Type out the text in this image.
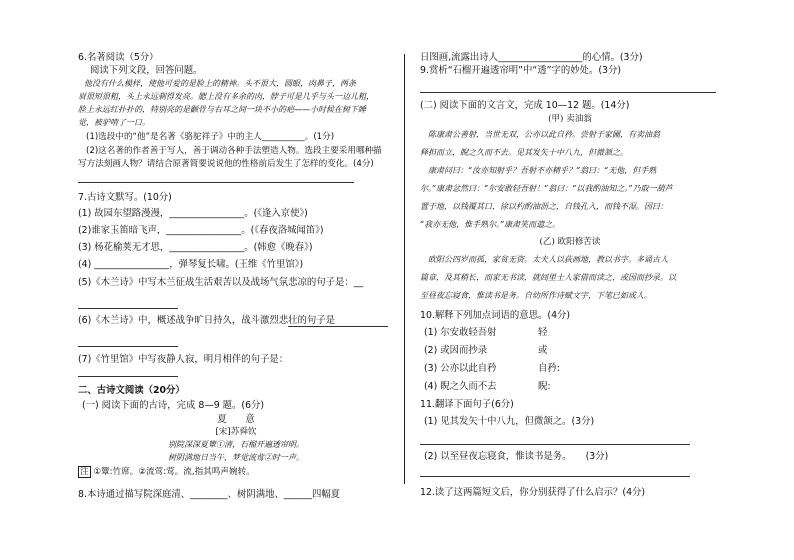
6.名著阅读（5分）
阅读下列文段，回答问题。
他没有什么模样，使他可爱的是脸上的精神。头不很大，圆眼，肉鼻子，两条
眉很短很粗，头上永远剃得发亮。腮上没有多余的肉，脖子可是几乎与头一边儿粗，
脸上永远红扑扑的，特别亮的是颧骨与右耳之间一块不小的疤——小时候在树下睡
觉，被驴啃了一口。
(1)选段中的“他”是名著《骆驼祥子》中的主人__________。(1分)
(2)这名著的作者善于写人，善于调动各种手法塑造人物。选段主要采用哪种描
写方法刻画人物？请结合原著简要说说他的性格前后发生了怎样的变化。(4分)
7.古诗文默写。(10分)
(1) 故园东望路漫漫，________________。(《逢入京使》)
(2)谁家玉笛暗飞声，________________。(《春夜洛城闻笛》)
(3) 杨花榆荚无才思，________________。(韩愈《晚春》)
(4) ________________，弹琴复长啸。(王维《竹里馆》)
(5)《木兰诗》中写木兰征战生活艰苦以及战场气氛悲凉的句子是：__
(6)《木兰诗》中，概述战争旷日持久，战斗激烈悲壮的句子是
(7)《竹里馆》中写夜静人寂，明月相伴的句子是：
二、古诗文阅读（20分）
(一) 阅读下面的古诗，完成 8—9 题。(6分)
夏　　意
[宋]苏舜钦
别院深深夏簟①清，石榴开遍透帘明。
树阴满地日当午，梦觉流莺②时一声。
注 ①簟:竹席。②流莺:莺。流,指其鸣声婉转。
8.本诗通过描写院深庭清、________、树阴满地、______四幅夏
日图画,流露出诗人__________________的心情。(3分)
9.赏析“石榴开遍透帘明”中“透”字的妙处。(3分)
(二) 阅读下面的文言文，完成 10—12 题。(14分)
(甲) 卖油翁
陈康肃公善射，当世无双，公亦以此自矜。尝射于家圃，有卖油翁
释担而立，睨之久而不去。见其发矢十中八九，但微颔之。
康肃问曰：“汝亦知射乎？吾射不亦精乎？”翁曰：“无他，但手熟
尔。”康肃忿然曰：“尔安敢轻吾射！”翁曰：“以我酌油知之。”乃取一葫芦
置于地，以钱覆其口，徐以杓酌油沥之，自钱孔入，而钱不湿。因曰：
“我亦无他，惟手熟尔。”康肃笑而遣之。
(乙) 欧阳修苦读
欧阳公四岁而孤，家贫无资。太夫人以荻画地，教以书字。多诵古人
篇章，及其稍长，而家无书读，就闾里士人家借而读之，或因而抄录。以
至昼夜忘寝食，惟读书是务。自幼所作诗赋文字，下笔已如成人。
10.解释下列加点词语的意思。(4分)
(1) 尔安敢轻吾射	轻
(2) 或因而抄录	或
(3) 公亦以此自矜	自矜:
(4) 睨之久而不去	睨:
11.翻译下面句子(6分)
(1) 见其发矢十中八九，但微颔之。(3分)
(2) 以至昼夜忘寝食，惟读书是务。　　(3分)
12.读了这两篇短文后，你分别获得了什么启示？(4分)
